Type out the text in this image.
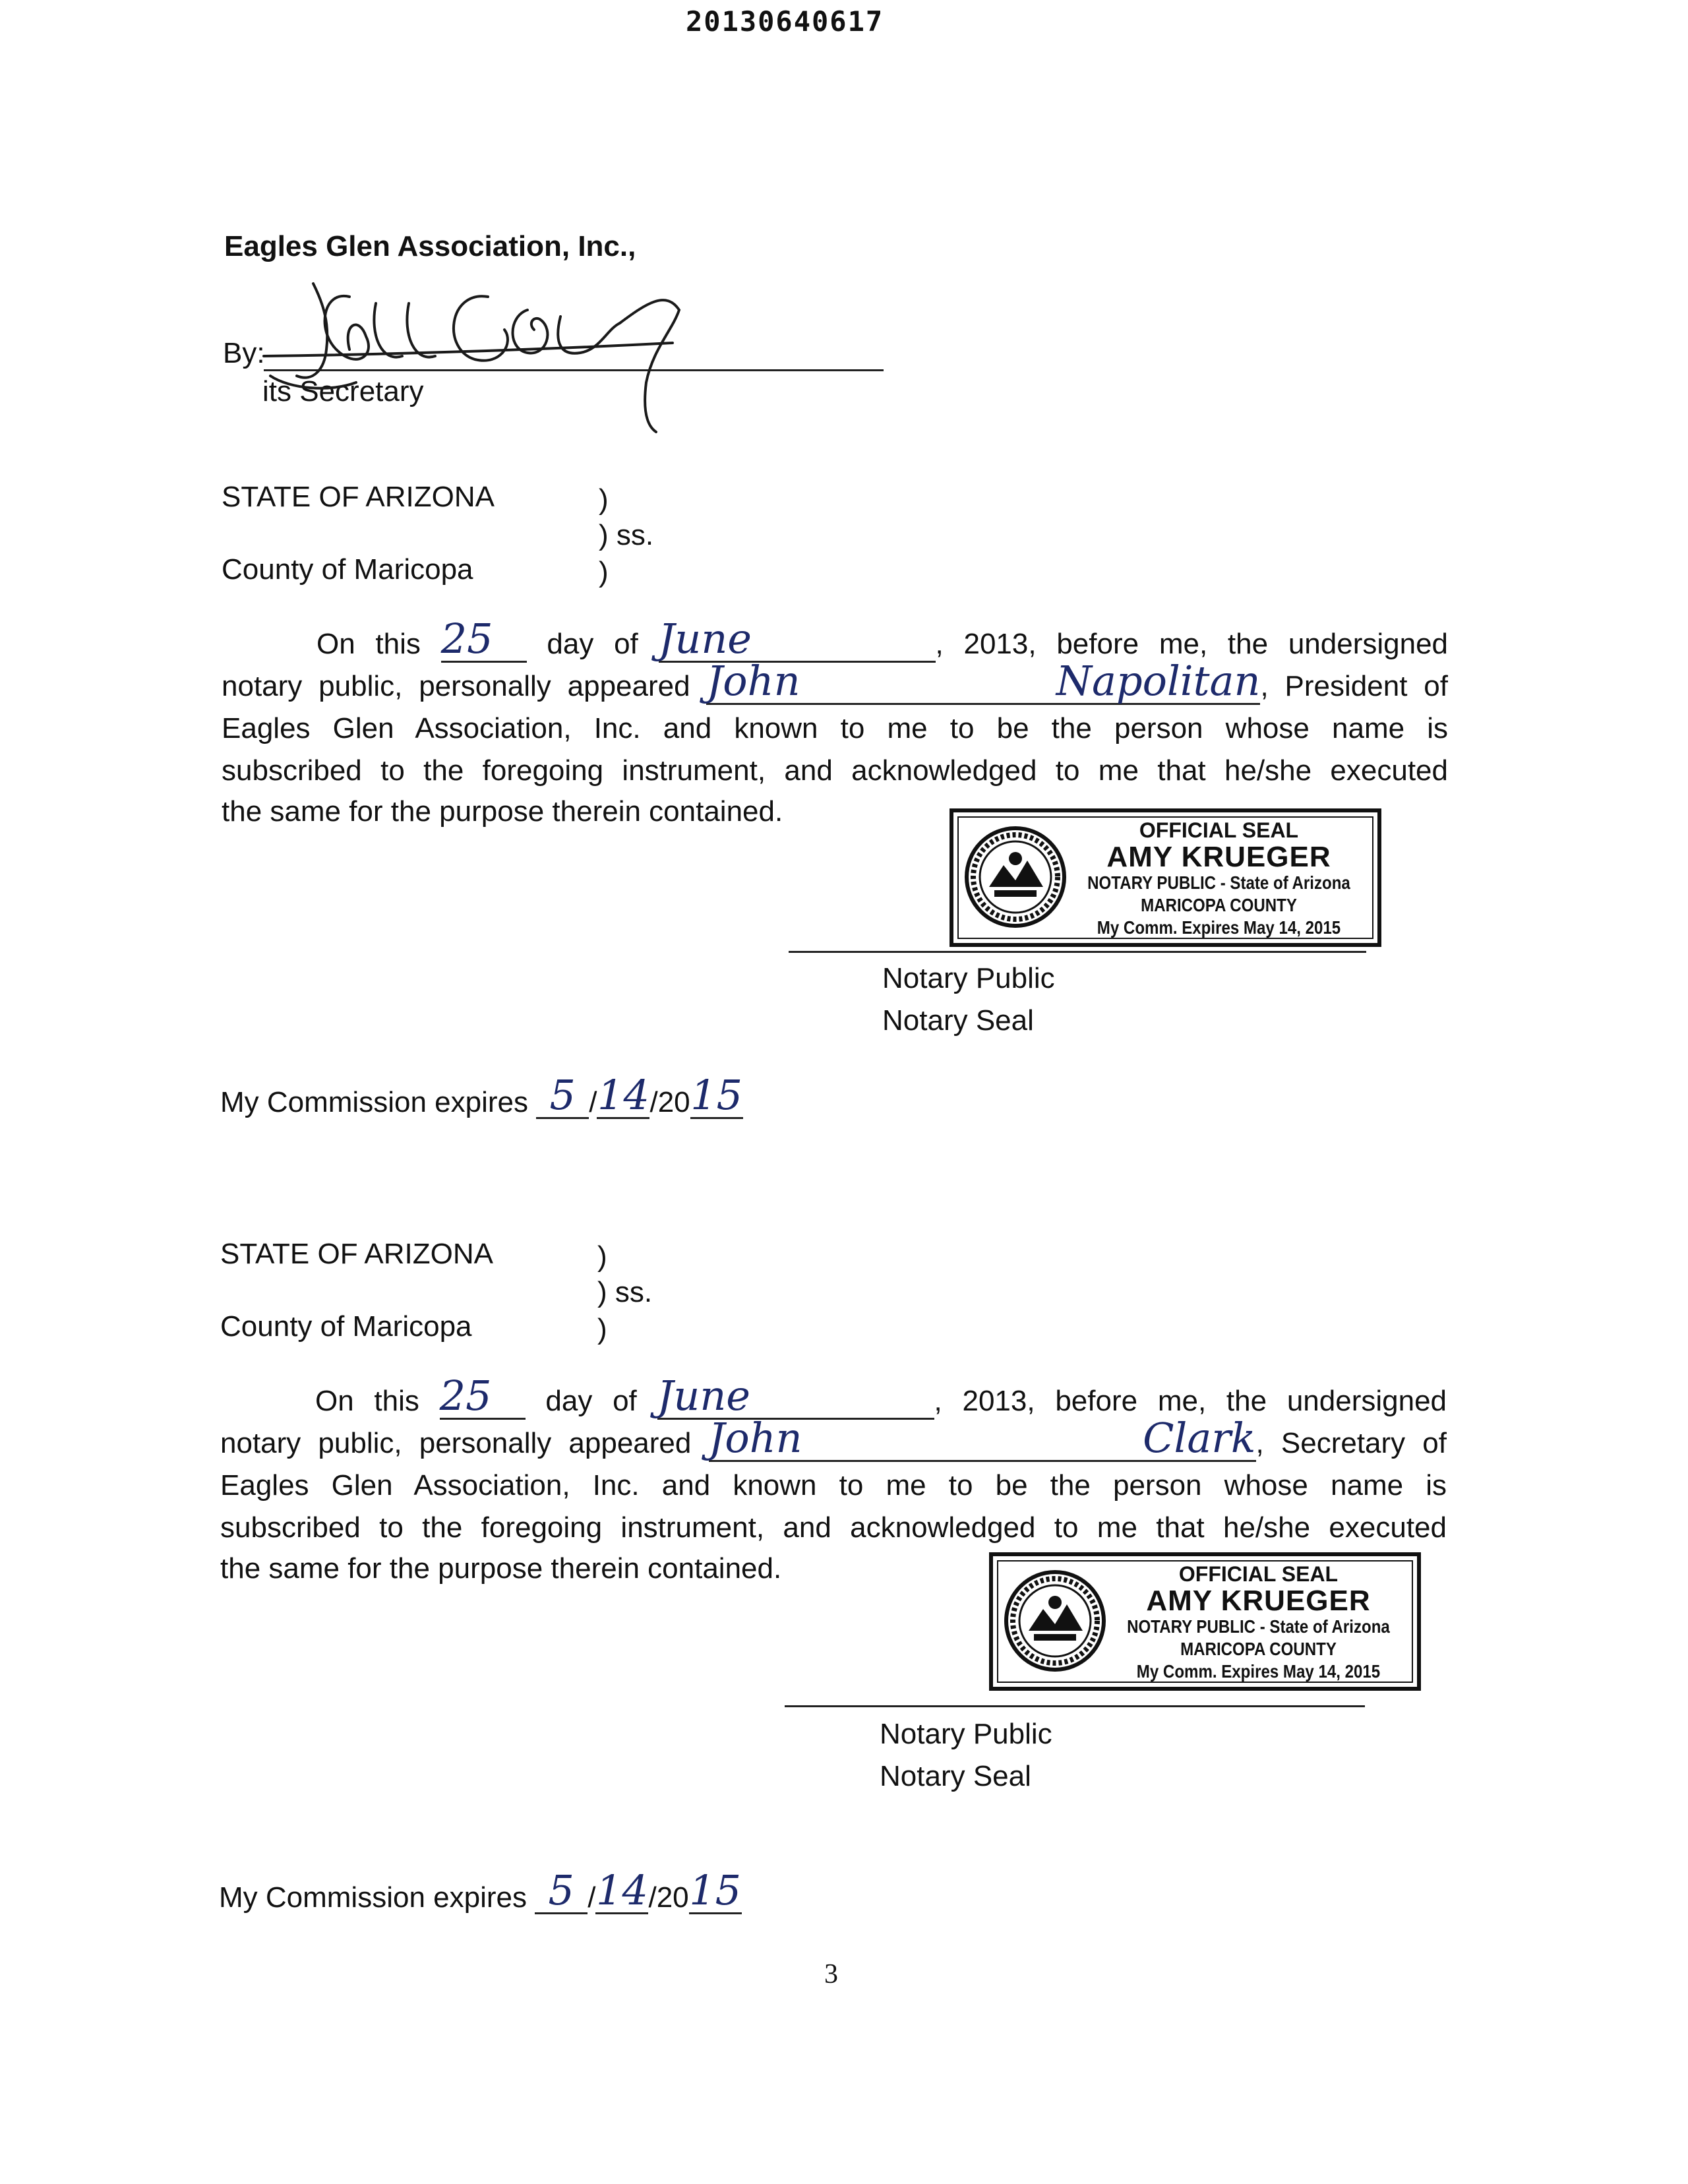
20130640617
Eagles Glen Association, Inc.,
By:
its Secretary
STATE OF ARIZONA	)
) ss.
County of Maricopa	)
On this 25	day of June	, 2013, before me, the undersigned
notary public, personally appeared John Napolitan , President of
Eagles Glen Association, Inc. and known to me to be the person whose name is
subscribed to the foregoing instrument, and acknowledged to me that he/she executed
the same for the purpose therein contained.
OFFICIAL SEAL
AMY KRUEGER
NOTARY PUBLIC - State of Arizona
MARICOPA COUNTY
My Comm. Expires May 14, 2015
Notary Public
Notary Seal
My Commission expires 5 / 14 /20 15

STATE OF ARIZONA	)
) ss.
County of Maricopa	)
On this 25	day of June	, 2013, before me, the undersigned
notary public, personally appeared John Clark , Secretary of
Eagles Glen Association, Inc. and known to me to be the person whose name is
subscribed to the foregoing instrument, and acknowledged to me that he/she executed
the same for the purpose therein contained.	OFFICIAL SEAL
AMY KRUEGER
NOTARY PUBLIC - State of Arizona
MARICOPA COUNTY
My Comm. Expires May 14, 2015
Notary Public
Notary Seal
My Commission expires 5 / 14 /20 15

3
